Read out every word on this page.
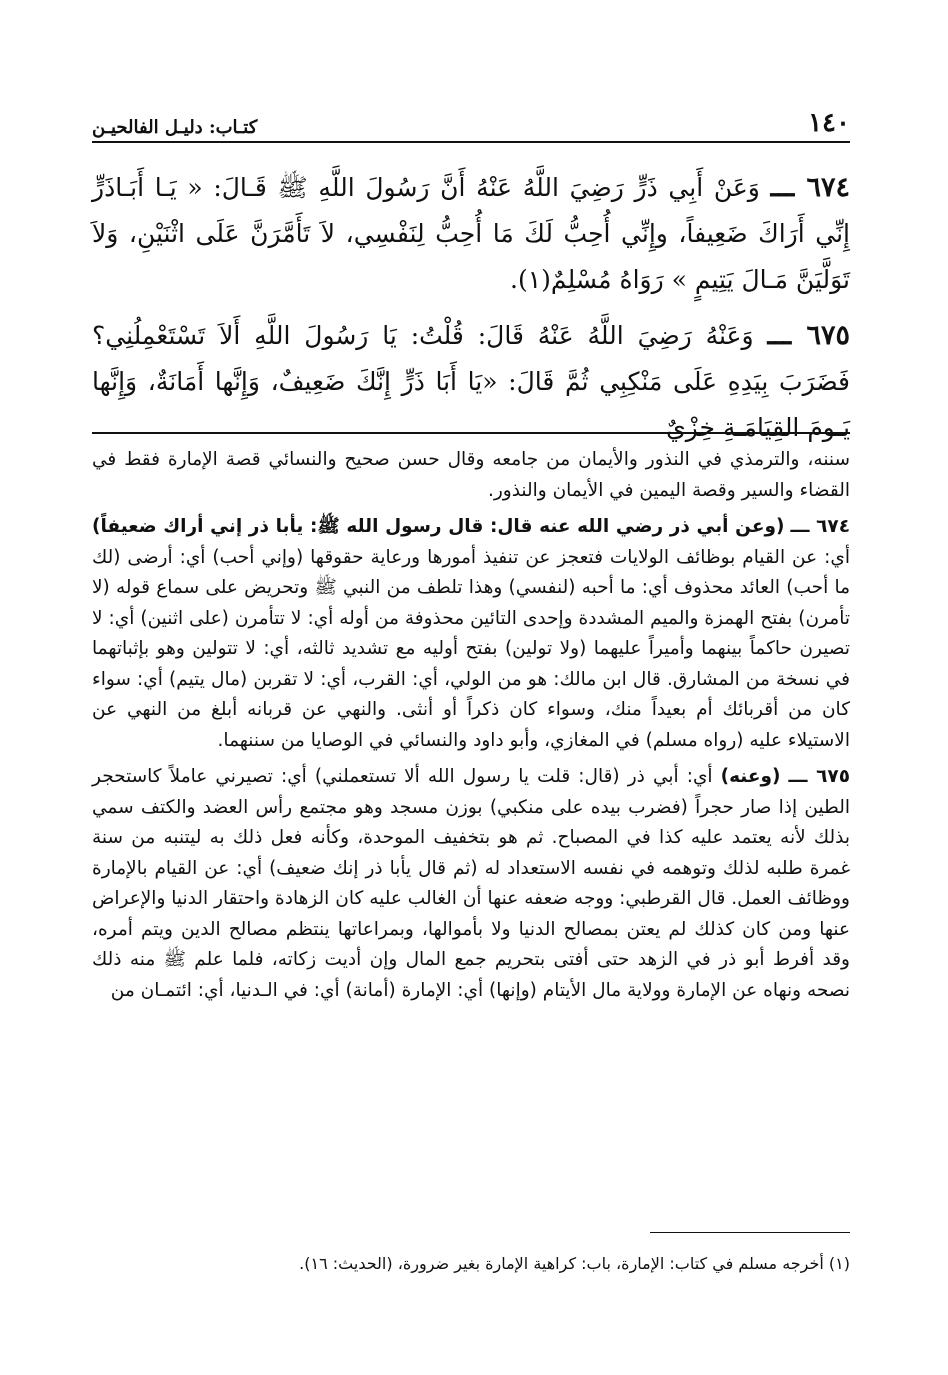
١٤٠
كتـاب: دليـل الفالحيـن

٦٧٤ ـــ وَعَنْ أَبِي ذَرٍّ رَضِيَ اللَّهُ عَنْهُ أَنَّ رَسُولَ اللَّهِ ﷺ قَـالَ: « يَـا أَبَـاذَرٍّ إِنِّي أَرَاكَ ضَعِيفاً، وإِنِّي أُحِبُّ لَكَ مَا أُحِبُّ لِنَفْسِي، لاَ تَأَمَّرَنَّ عَلَى اثْنَيْنِ، وَلاَ تَوَلَّيَنَّ مَـالَ يَتِيمٍ » رَوَاهُ مُسْلِمٌ(١).

٦٧٥ ـــ وَعَنْهُ رَضِيَ اللَّهُ عَنْهُ قَالَ: قُلْتُ: يَا رَسُولَ اللَّهِ أَلاَ تَسْتَعْمِلُنِي؟ فَضَرَبَ بِيَدِهِ عَلَى مَنْكِبِي ثُمَّ قَالَ: «يَا أَبَا ذَرٍّ إِنَّكَ ضَعِيفٌ، وَإِنَّها أَمَانَةٌ، وَإِنَّها يَـومَ القِيَامَـةِ خِزْيٌ

سننه، والترمذي في النذور والأيمان من جامعه وقال حسن صحيح والنسائي قصة الإمارة فقط في القضاء والسير وقصة اليمين في الأيمان والنذور.

٦٧٤ ـــ (وعن أبي ذر رضي الله عنه قال: قال رسول الله ﷺ: يأبا ذر إني أراك ضعيفاً) أي: عن القيام بوظائف الولايات فتعجز عن تنفيذ أمورها ورعاية حقوقها (وإني أحب) أي: أرضى (لك ما أحب) العائد محذوف أي: ما أحبه (لنفسي) وهذا تلطف من النبي ﷺ وتحريض على سماع قوله (لا تأمرن) بفتح الهمزة والميم المشددة وإحدى التائين محذوفة من أوله أي: لا تتأمرن (على اثنين) أي: لا تصيرن حاكماً بينهما وأميراً عليهما (ولا تولين) بفتح أوليه مع تشديد ثالثه، أي: لا تتولين وهو بإثباتهما في نسخة من المشارق. قال ابن مالك: هو من الولي، أي: القرب، أي: لا تقربن (مال يتيم) أي: سواء كان من أقربائك أم بعيداً منك، وسواء كان ذكراً أو أنثى. والنهي عن قربانه أبلغ من النهي عن الاستيلاء عليه (رواه مسلم) في المغازي، وأبو داود والنسائي في الوصايا من سننهما.

٦٧٥ ـــ (وعنه) أي: أبي ذر (قال: قلت يا رسول الله ألا تستعملني) أي: تصيرني عاملاً كاستحجر الطين إذا صار حجراً (فضرب بيده على منكبي) بوزن مسجد وهو مجتمع رأس العضد والكتف سمي بذلك لأنه يعتمد عليه كذا في المصباح. ثم هو بتخفيف الموحدة، وكأنه فعل ذلك به ليتنبه من سنة غمرة طلبه لذلك وتوهمه في نفسه الاستعداد له (ثم قال يأبا ذر إنك ضعيف) أي: عن القيام بالإمارة ووظائف العمل. قال القرطبي: ووجه ضعفه عنها أن الغالب عليه كان الزهادة واحتقار الدنيا والإعراض عنها ومن كان كذلك لم يعتن بمصالح الدنيا ولا بأموالها، وبمراعاتها ينتظم مصالح الدين ويتم أمره، وقد أفرط أبو ذر في الزهد حتى أفتى بتحريم جمع المال وإن أديت زكاته، فلما علم ﷺ منه ذلك نصحه ونهاه عن الإمارة وولاية مال الأيتام (وإنها) أي: الإمارة (أمانة) أي: في الـدنيا، أي: ائتمـان من

(١) أخرجه مسلم في كتاب: الإمارة، باب: كراهية الإمارة بغير ضرورة، (الحديث: ١٦).
